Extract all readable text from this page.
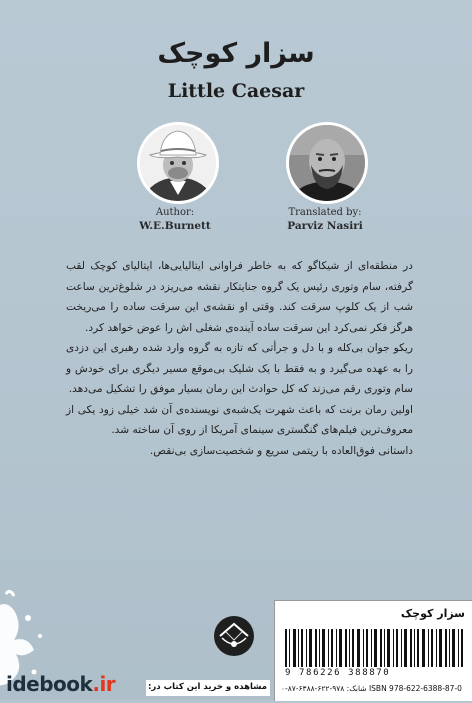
سزار کوچک
Little Caesar
Author:
W.E.Burnett
Translated by:
Parviz Nasiri

در منطقه‌ای از شیکاگو که به خاطر فراوانی ایتالیایی‌ها، ایتالیای کوچک لقب گرفته، سام وتوری رئیس یک گروه جنایتکار نقشه می‌ریزد در شلوغ‌ترین ساعت شب از یک کلوپ سرقت کند. وقتی او نقشه‌ی این سرقت ساده را می‌ریخت هرگز فکر نمی‌کرد این سرقت ساده آینده‌ی شغلی اش را عوض خواهد کرد.

ریکو جوان بی‌کله و با دل و جرأتی که تازه به گروه وارد شده رهبری این دزدی را به عهده می‌گیرد و به فقط با یک شلیک بی‌موقع مسیر دیگری برای خودش و سام وتوری رقم می‌زند که کل حوادث این رمان بسیار موفق را تشکیل می‌دهد.

اولین رمان برنت که باعث شهرت یک‌شبه‌ی نویسنده‌ی آن شد خیلی زود یکی از معروف‌ترین فیلم‌های گنگستری سینمای آمریکا از روی آن ساخته شد.

داستانی فوق‌العاده با ریتمی سریع و شخصیت‌سازی بی‌نقص.

سزار کوچک
9 786226 388870
شابک: ۹۷۸-۶۲۲-۶۳۸۸-۸۷-۰ ISBN 978-622-6388-87-0
مشاهده و خرید این کتاب در:
idebook.ir
